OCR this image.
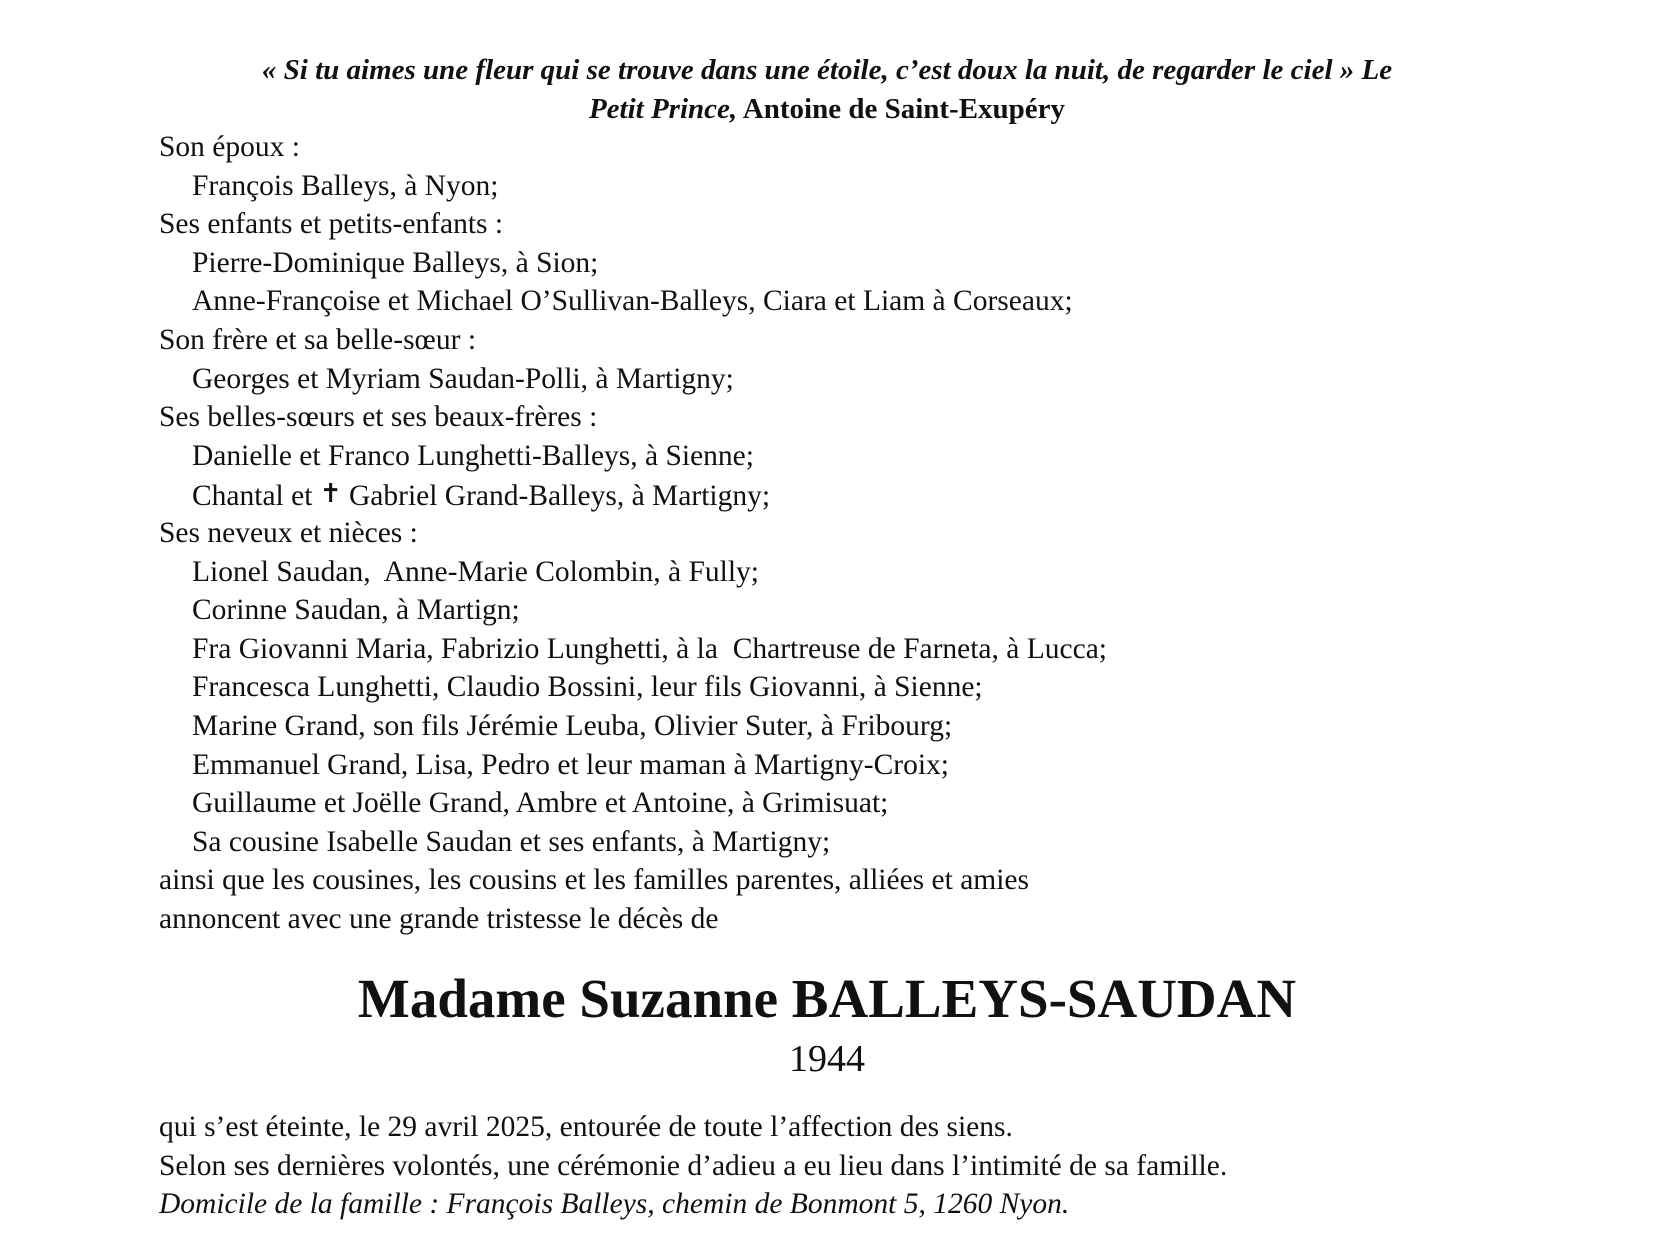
« Si tu aimes une fleur qui se trouve dans une étoile, c’est doux la nuit, de regarder le ciel » Le
Petit Prince, Antoine de Saint-Exupéry
Son époux :
François Balleys, à Nyon;
Ses enfants et petits-enfants :
Pierre-Dominique Balleys, à Sion;
Anne-Françoise et Michael O’Sullivan-Balleys, Ciara et Liam à Corseaux;
Son frère et sa belle-sœur :
Georges et Myriam Saudan-Polli, à Martigny;
Ses belles-sœurs et ses beaux-frères :
Danielle et Franco Lunghetti-Balleys, à Sienne;
Chantal et ✝ Gabriel Grand-Balleys, à Martigny;
Ses neveux et nièces :
Lionel Saudan,  Anne-Marie Colombin, à Fully;
Corinne Saudan, à Martign;
Fra Giovanni Maria, Fabrizio Lunghetti, à la  Chartreuse de Farneta, à Lucca;
Francesca Lunghetti, Claudio Bossini, leur fils Giovanni, à Sienne;
Marine Grand, son fils Jérémie Leuba, Olivier Suter, à Fribourg;
Emmanuel Grand, Lisa, Pedro et leur maman à Martigny-Croix;
Guillaume et Joëlle Grand, Ambre et Antoine, à Grimisuat;
Sa cousine Isabelle Saudan et ses enfants, à Martigny;
ainsi que les cousines, les cousins et les familles parentes, alliées et amies
annoncent avec une grande tristesse le décès de
Madame Suzanne BALLEYS-SAUDAN
1944
qui s’est éteinte, le 29 avril 2025, entourée de toute l’affection des siens.
Selon ses dernières volontés, une cérémonie d’adieu a eu lieu dans l’intimité de sa famille.
Domicile de la famille : François Balleys, chemin de Bonmont 5, 1260 Nyon.
